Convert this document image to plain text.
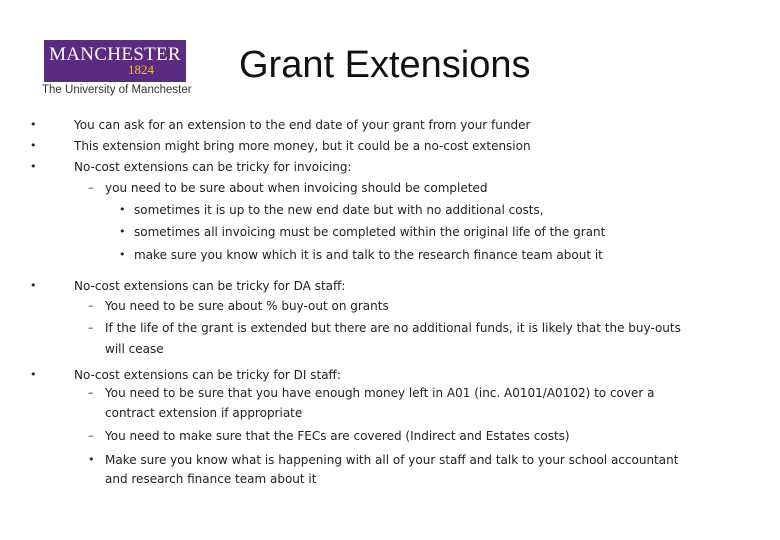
MANCHESTER
1824
The University of Manchester
Grant Extensions
•
•
•
–
•
•
•
•
–
–
•
–
–
•
You can ask for an extension to the end date of your grant from your funder
This extension might bring more money, but it could be a no-cost extension
No-cost extensions can be tricky for invoicing:
you need to be sure about when invoicing should be completed
sometimes it is up to the new end date but with no additional costs,
sometimes all invoicing must be completed within the original life of the grant
make sure you know which it is and talk to the research finance team about it
No-cost extensions can be tricky for DA staff:
You need to be sure about % buy-out on grants
If the life of the grant is extended but there are no additional funds, it is likely that the buy-outs
will cease
No-cost extensions can be tricky for DI staff:
You need to be sure that you have enough money left in A01 (inc. A0101/A0102) to cover a
contract extension if appropriate
You need to make sure that the FECs are covered (Indirect and Estates costs)
Make sure you know what is happening with all of your staff and talk to your school accountant
and research finance team about it
